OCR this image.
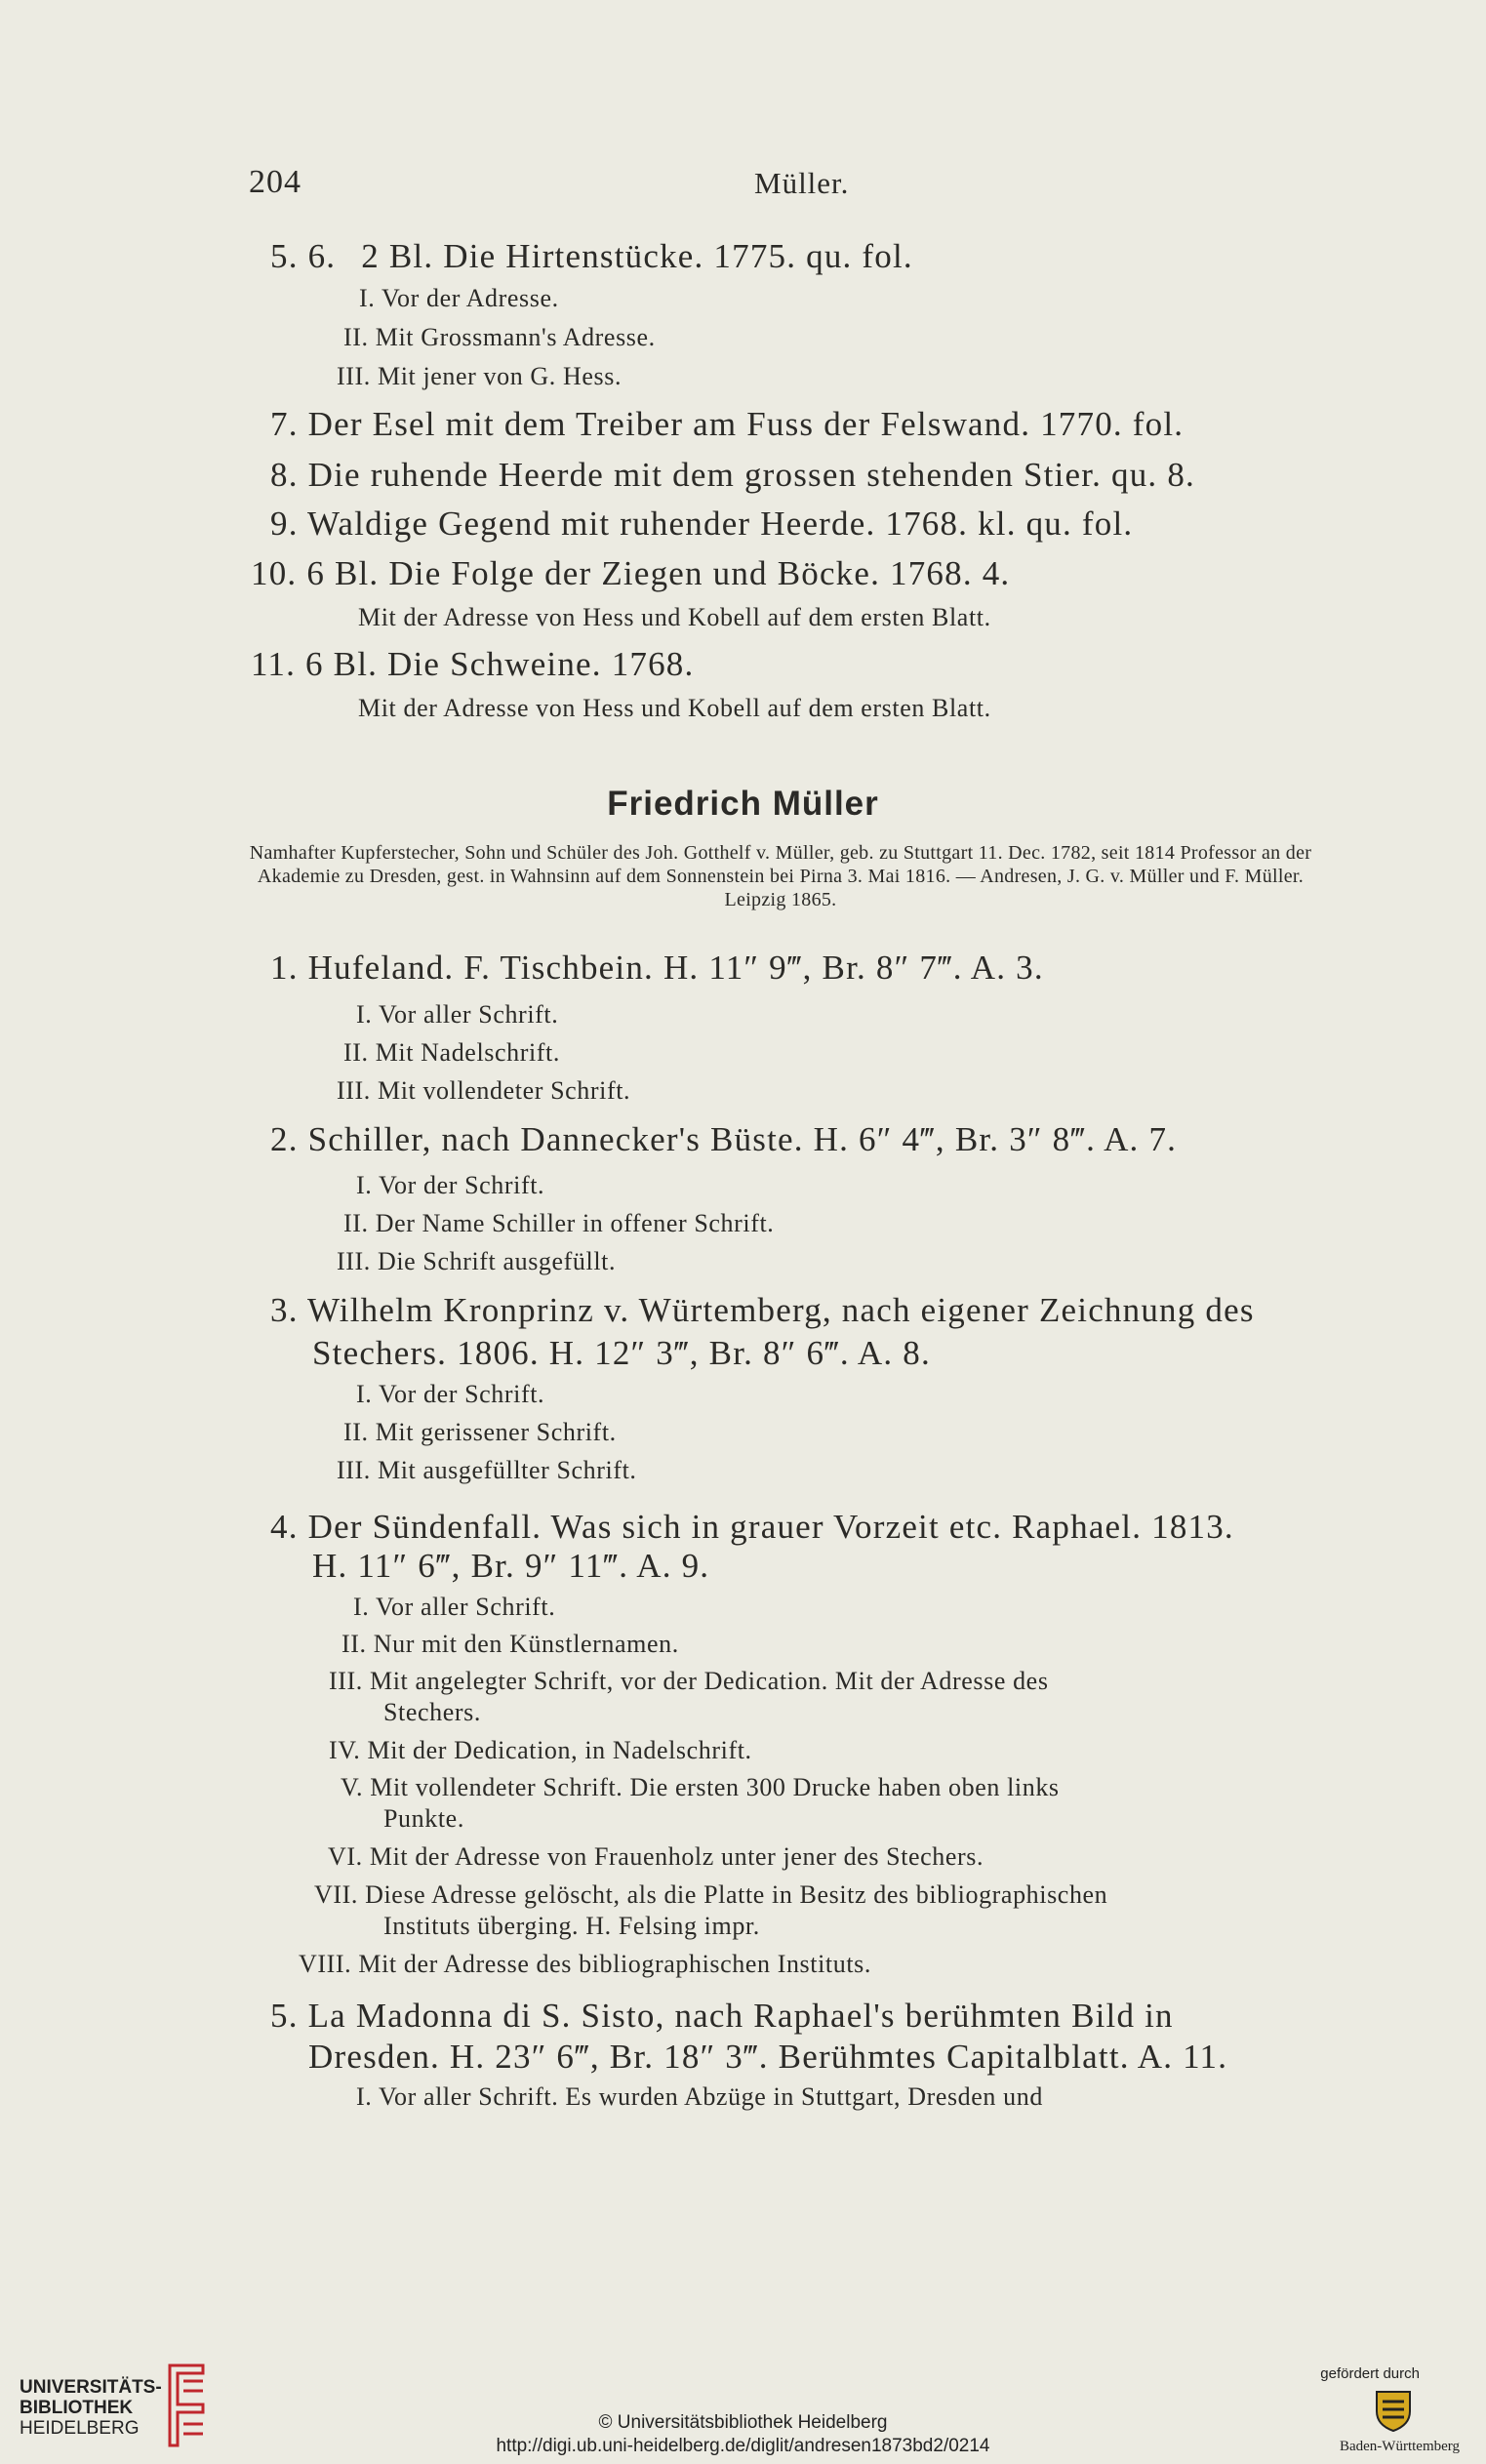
204	Müller.
5. 6. 2 Bl. Die Hirtenstücke. 1775. qu. fol.
I. Vor der Adresse.
II. Mit Grossmann's Adresse.
III. Mit jener von G. Hess.
7. Der Esel mit dem Treiber am Fuss der Felswand. 1770. fol.
8. Die ruhende Heerde mit dem grossen stehenden Stier. qu. 8.
9. Waldige Gegend mit ruhender Heerde. 1768. kl. qu. fol.
10. 6 Bl. Die Folge der Ziegen und Böcke. 1768. 4.
Mit der Adresse von Hess und Kobell auf dem ersten Blatt.
11. 6 Bl. Die Schweine. 1768.
Mit der Adresse von Hess und Kobell auf dem ersten Blatt.
Friedrich Müller
Namhafter Kupferstecher, Sohn und Schüler des Joh. Gotthelf v. Müller, geb. zu Stuttgart 11. Dec. 1782, seit 1814 Professor an der Akademie zu Dresden, gest. in Wahnsinn auf dem Sonnenstein bei Pirna 3. Mai 1816. — Andresen, J. G. v. Müller und F. Müller. Leipzig 1865.
1. Hufeland. F. Tischbein. H. 11″ 9‴, Br. 8″ 7‴. A. 3.
I. Vor aller Schrift.
II. Mit Nadelschrift.
III. Mit vollendeter Schrift.
2. Schiller, nach Dannecker's Büste. H. 6″ 4‴, Br. 3″ 8‴. A. 7.
I. Vor der Schrift.
II. Der Name Schiller in offener Schrift.
III. Die Schrift ausgefüllt.
3. Wilhelm Kronprinz v. Würtemberg, nach eigener Zeichnung des
Stechers. 1806. H. 12″ 3‴, Br. 8″ 6‴. A. 8.
I. Vor der Schrift.
II. Mit gerissener Schrift.
III. Mit ausgefüllter Schrift.
4. Der Sündenfall. Was sich in grauer Vorzeit etc. Raphael. 1813.
H. 11″ 6‴, Br. 9″ 11‴. A. 9.
I. Vor aller Schrift.
II. Nur mit den Künstlernamen.
III. Mit angelegter Schrift, vor der Dedication. Mit der Adresse des
Stechers.
IV. Mit der Dedication, in Nadelschrift.
V. Mit vollendeter Schrift. Die ersten 300 Drucke haben oben links
Punkte.
VI. Mit der Adresse von Frauenholz unter jener des Stechers.
VII. Diese Adresse gelöscht, als die Platte in Besitz des bibliographischen
Instituts überging. H. Felsing impr.
VIII. Mit der Adresse des bibliographischen Instituts.
5. La Madonna di S. Sisto, nach Raphael's berühmten Bild in
Dresden. H. 23″ 6‴, Br. 18″ 3‴. Berühmtes Capitalblatt. A. 11.
I. Vor aller Schrift. Es wurden Abzüge in Stuttgart, Dresden und
UNIVERSITÄTS-
BIBLIOTHEK
HEIDELBERG	© Universitätsbibliothek Heidelberg
http://digi.ub.uni-heidelberg.de/diglit/andresen1873bd2/0214
gefördert durch
Baden-Württemberg
